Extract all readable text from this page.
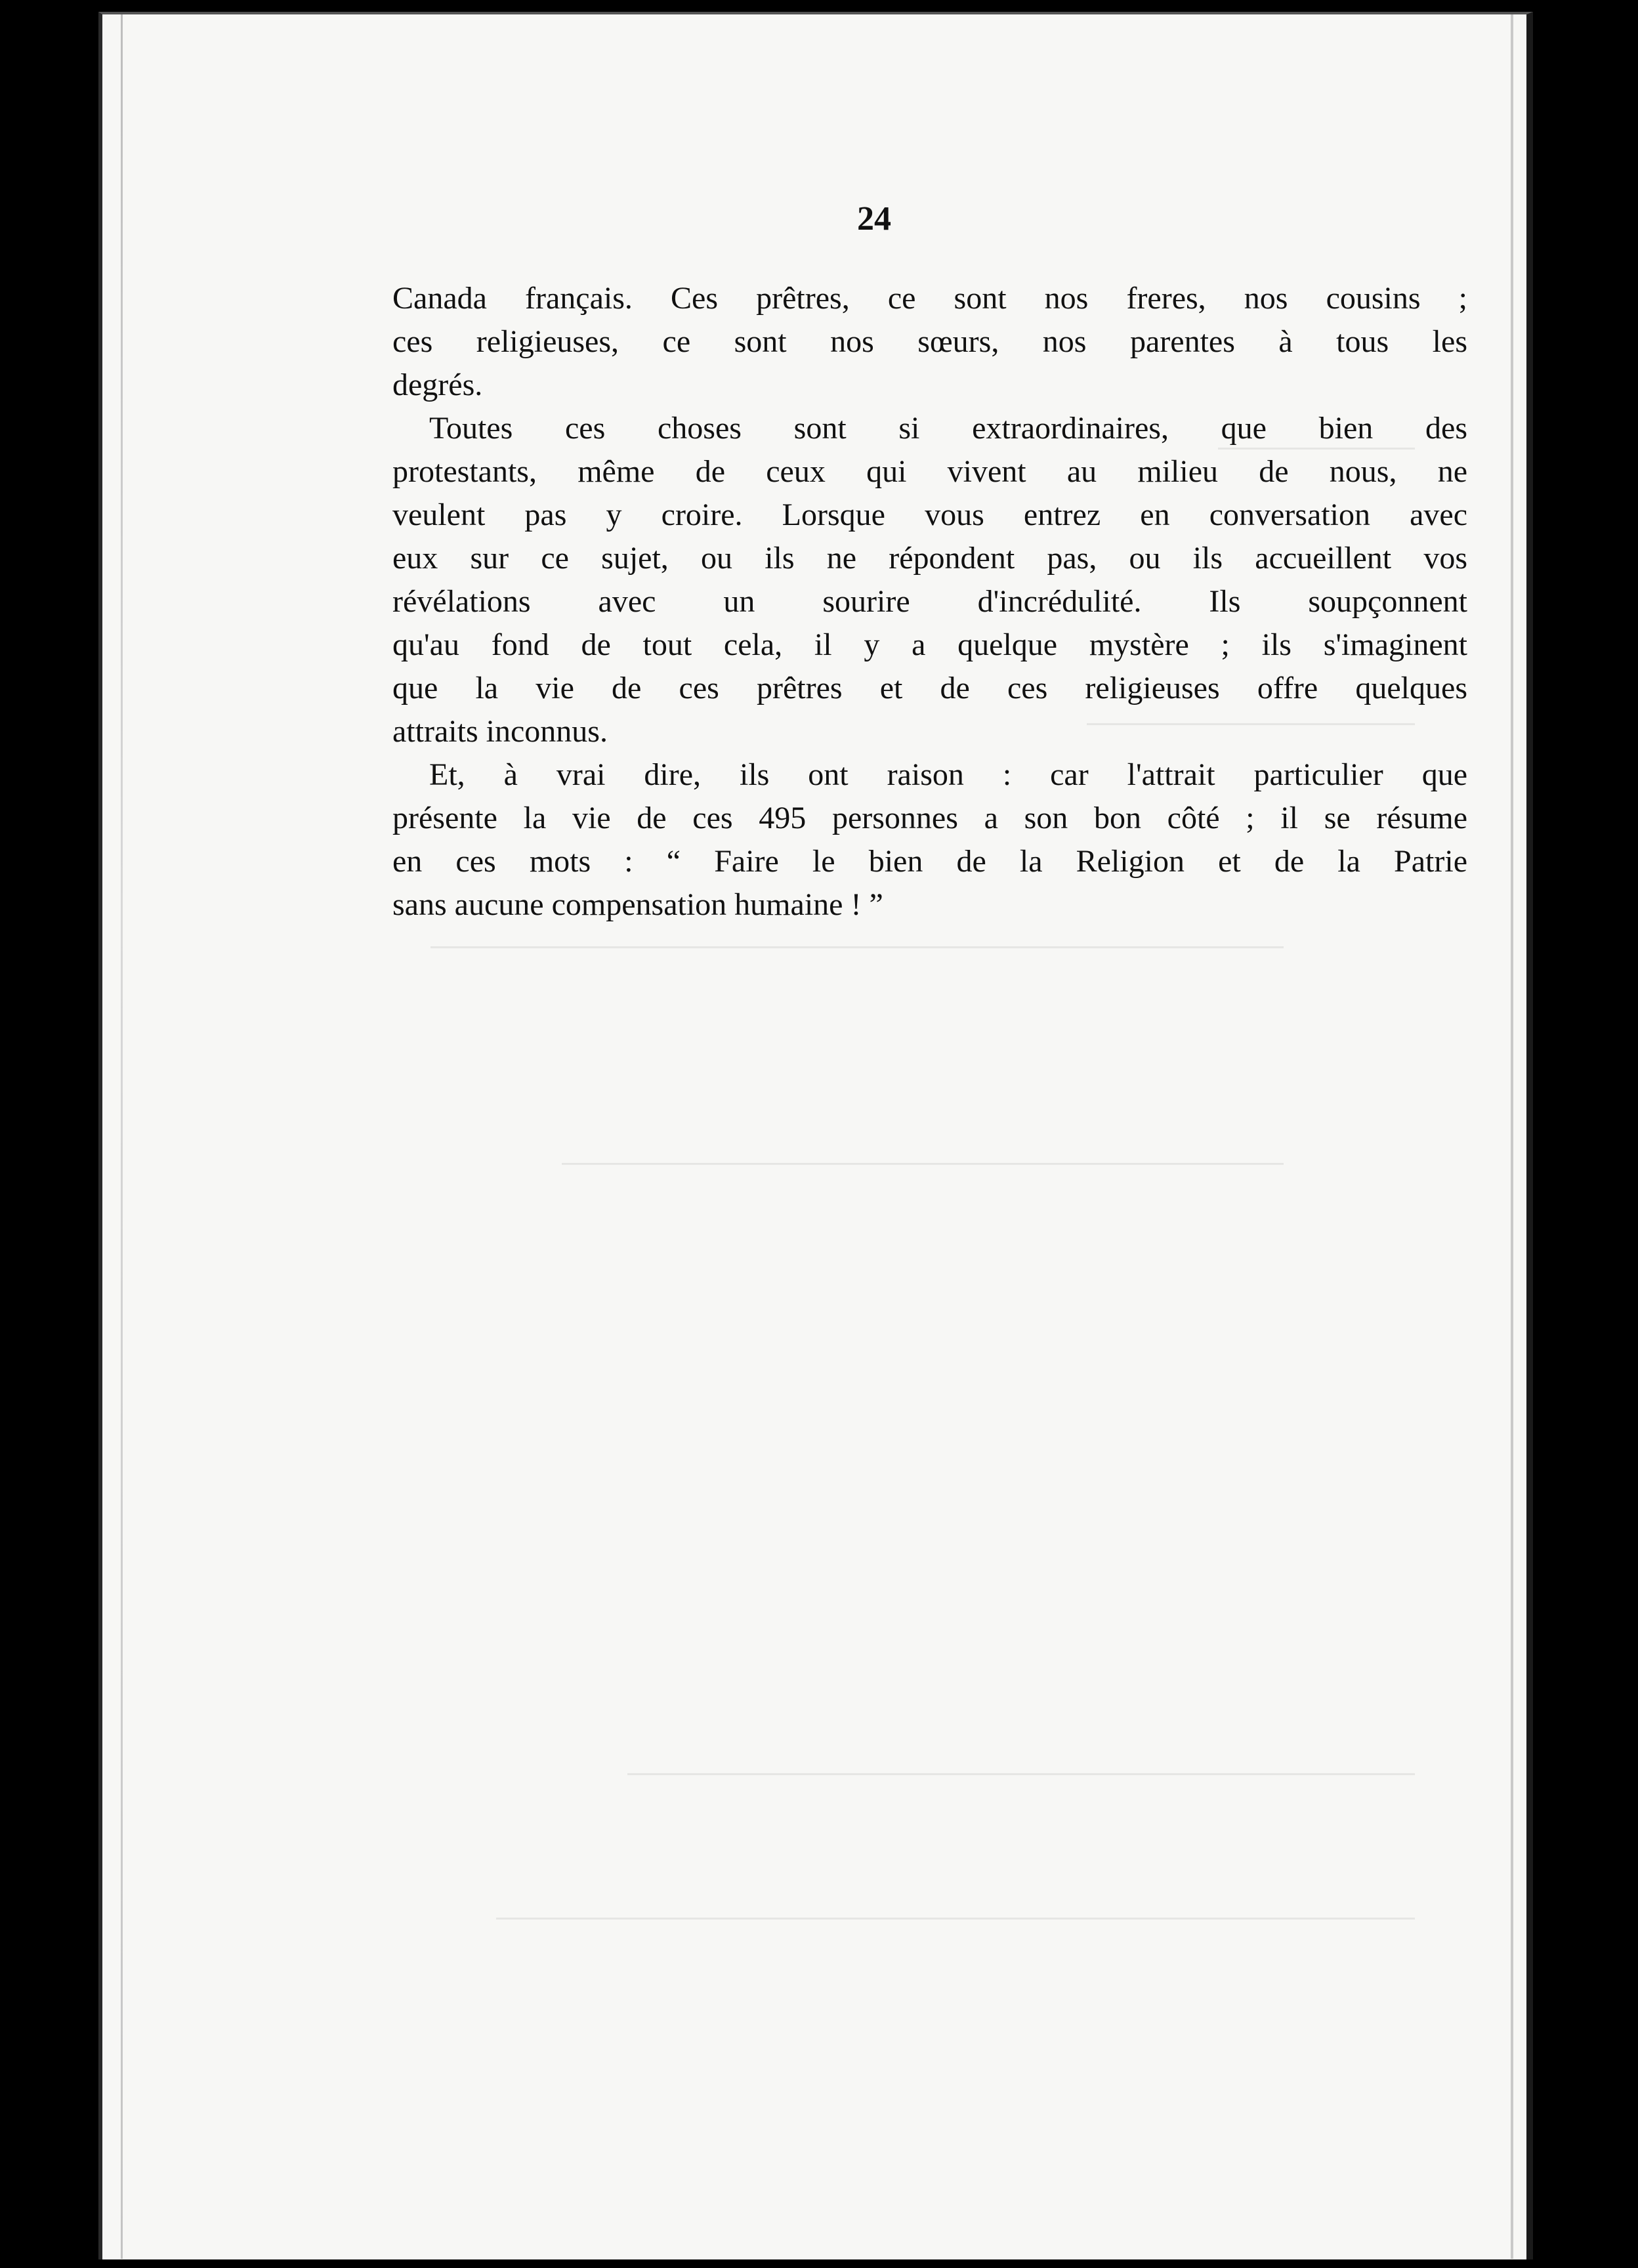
24
Canada français. Ces prêtres, ce sont nos freres, nos cousins ;
ces religieuses, ce sont nos sœurs, nos parentes à tous les
degrés.
Toutes ces choses sont si extraordinaires, que bien des
protestants, même de ceux qui vivent au milieu de nous, ne
veulent pas y croire. Lorsque vous entrez en conversation avec
eux sur ce sujet, ou ils ne répondent pas, ou ils accueillent vos
révélations avec un sourire d'incrédulité. Ils soupçonnent
qu'au fond de tout cela, il y a quelque mystère ; ils s'imaginent
que la vie de ces prêtres et de ces religieuses offre quelques
attraits inconnus.
Et, à vrai dire, ils ont raison : car l'attrait particulier que
présente la vie de ces 495 personnes a son bon côté ; il se résume
en ces mots : “ Faire le bien de la Religion et de la Patrie
sans aucune compensation humaine ! ”
